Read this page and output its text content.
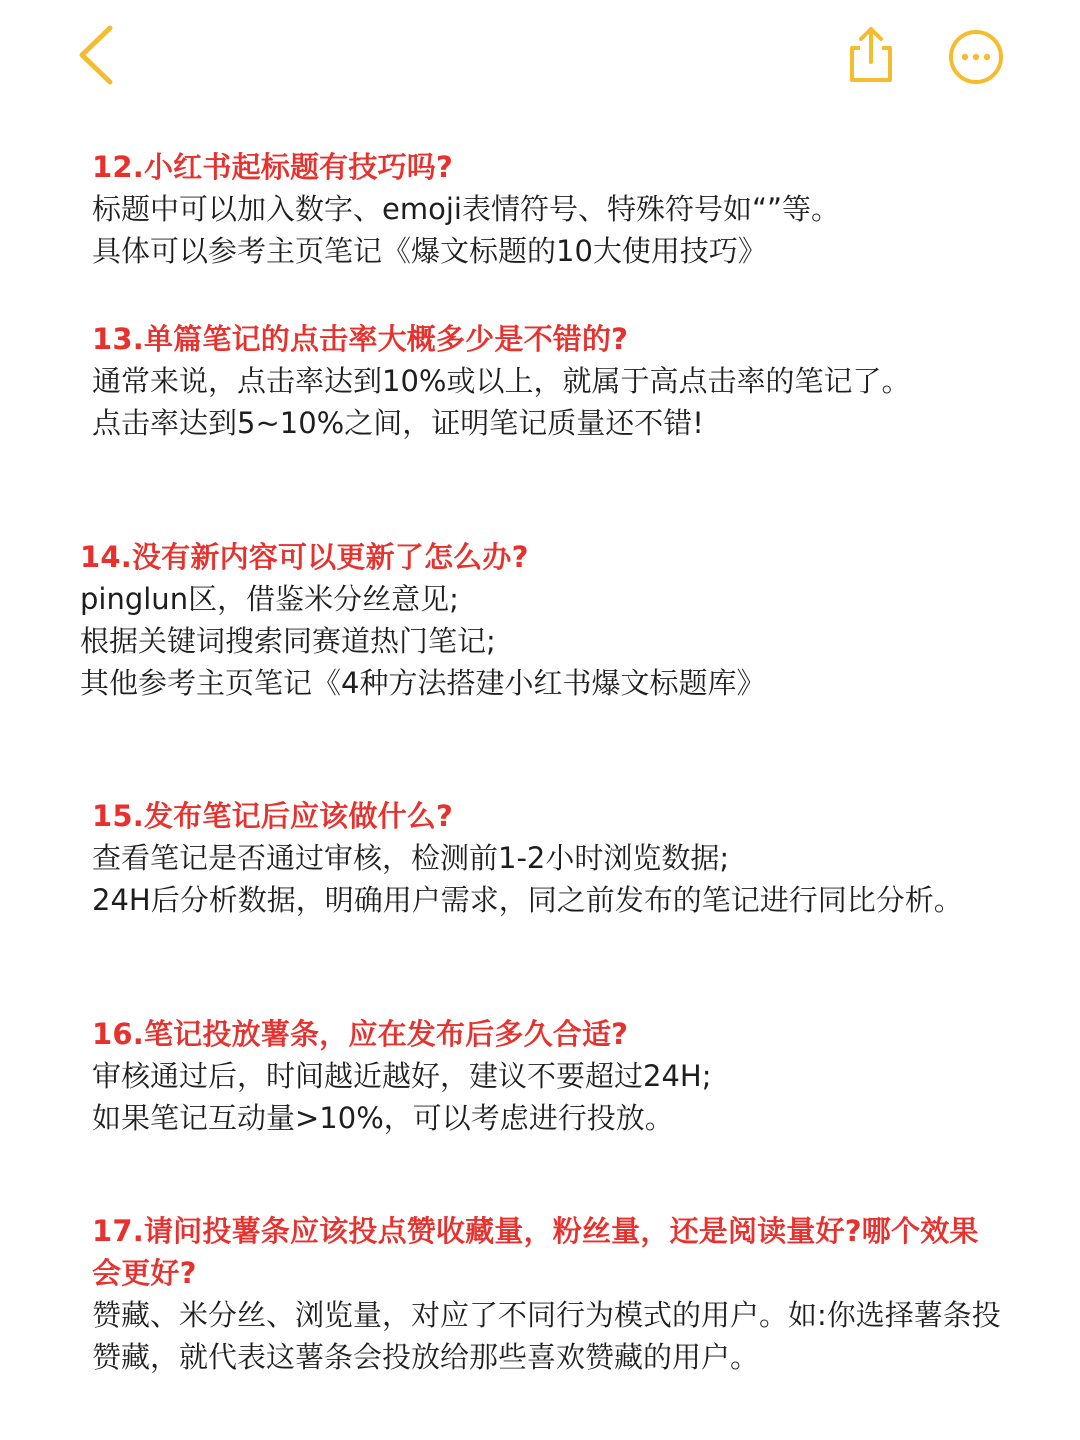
12.小红书起标题有技巧吗?
标题中可以加入数字、emoji表情符号、特殊符号如“”等。
具体可以参考主页笔记《爆文标题的10大使用技巧》
13.单篇笔记的点击率大概多少是不错的?
通常来说，点击率达到10%或以上，就属于高点击率的笔记了。
点击率达到5~10%之间，证明笔记质量还不错!
14.没有新内容可以更新了怎么办?
pinglun区，借鉴米分丝意见;
根据关键词搜索同赛道热门笔记;
其他参考主页笔记《4种方法搭建小红书爆文标题库》
15.发布笔记后应该做什么?
查看笔记是否通过审核，检测前1-2小时浏览数据;
24H后分析数据，明确用户需求，同之前发布的笔记进行同比分析。
16.笔记投放薯条，应在发布后多久合适?
审核通过后，时间越近越好，建议不要超过24H;
如果笔记互动量>10%，可以考虑进行投放。
17.请问投薯条应该投点赞收藏量，粉丝量，还是阅读量好?哪个效果会更好?
赞藏、米分丝、浏览量，对应了不同行为模式的用户。如:你选择薯条投赞藏，就代表这薯条会投放给那些喜欢赞藏的用户。
